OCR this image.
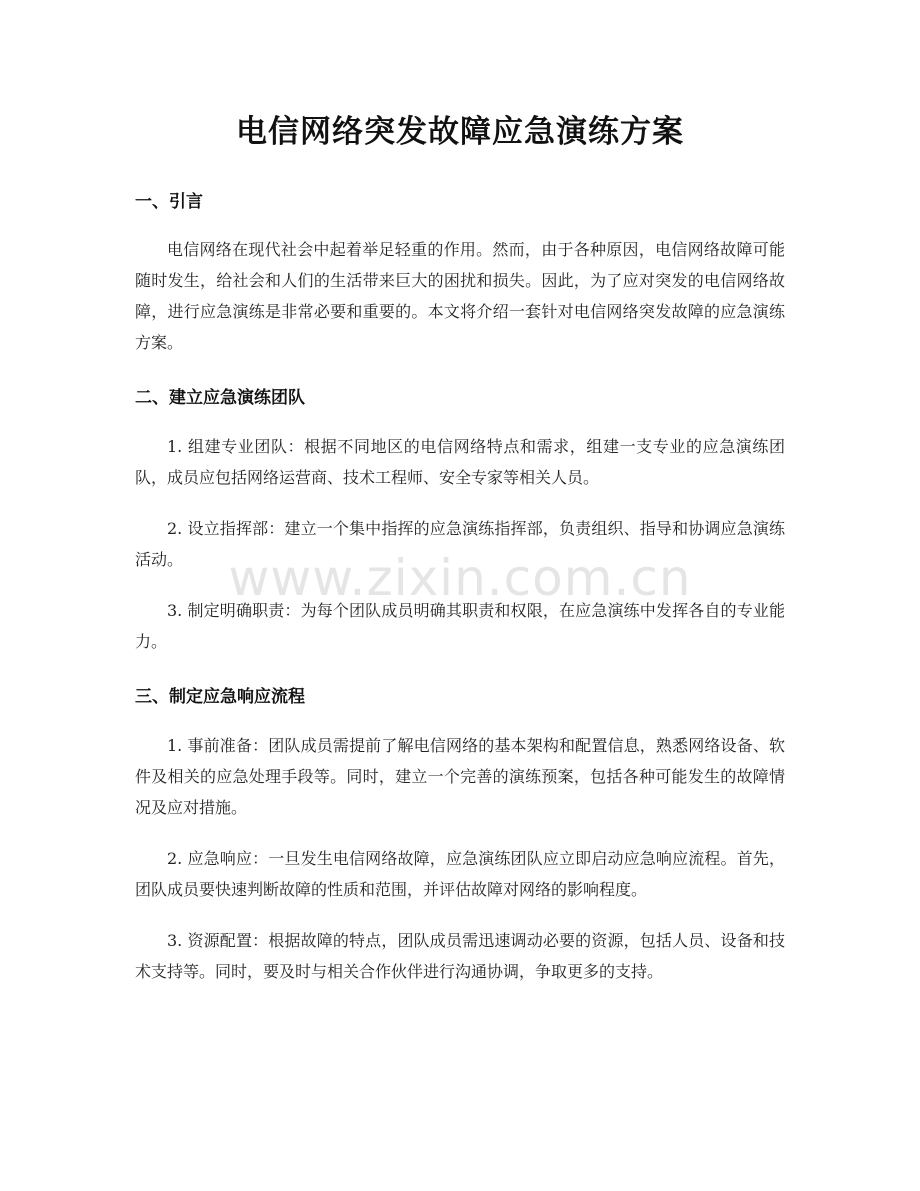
电信网络突发故障应急演练方案
一、引言

电信网络在现代社会中起着举足轻重的作用。然而，由于各种原因，电信网络故障可能随时发生，给社会和人们的生活带来巨大的困扰和损失。因此，为了应对突发的电信网络故障，进行应急演练是非常必要和重要的。本文将介绍一套针对电信网络突发故障的应急演练方案。

二、建立应急演练团队

1. 组建专业团队：根据不同地区的电信网络特点和需求，组建一支专业的应急演练团队，成员应包括网络运营商、技术工程师、安全专家等相关人员。

2. 设立指挥部：建立一个集中指挥的应急演练指挥部，负责组织、指导和协调应急演练活动。

3. 制定明确职责：为每个团队成员明确其职责和权限，在应急演练中发挥各自的专业能力。

三、制定应急响应流程

1. 事前准备：团队成员需提前了解电信网络的基本架构和配置信息，熟悉网络设备、软件及相关的应急处理手段等。同时，建立一个完善的演练预案，包括各种可能发生的故障情况及应对措施。

2. 应急响应：一旦发生电信网络故障，应急演练团队应立即启动应急响应流程。首先，团队成员要快速判断故障的性质和范围，并评估故障对网络的影响程度。

3. 资源配置：根据故障的特点，团队成员需迅速调动必要的资源，包括人员、设备和技术支持等。同时，要及时与相关合作伙伴进行沟通协调，争取更多的支持。

www.zixin.com.cn
